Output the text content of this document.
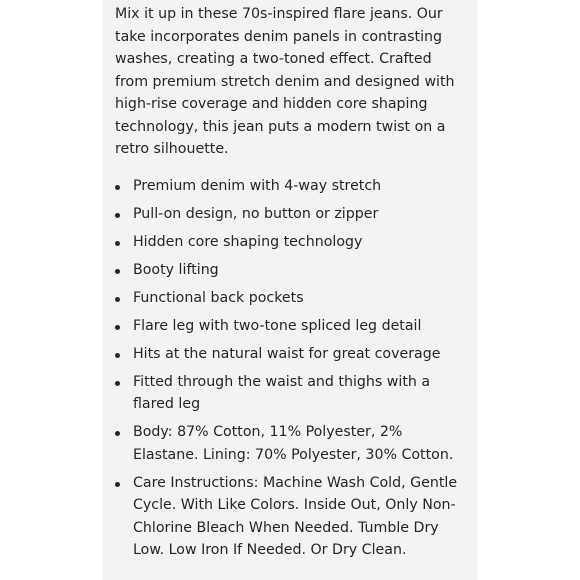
Mix it up in these 70s-inspired flare jeans. Our take incorporates denim panels in contrasting washes, creating a two-toned effect. Crafted from premium stretch denim and designed with high-rise coverage and hidden core shaping technology, this jean puts a modern twist on a retro silhouette.

Premium denim with 4-way stretch
Pull-on design, no button or zipper
Hidden core shaping technology
Booty lifting
Functional back pockets
Flare leg with two-tone spliced leg detail
Hits at the natural waist for great coverage
Fitted through the waist and thighs with a flared leg
Body: 87% Cotton, 11% Polyester, 2% Elastane. Lining: 70% Polyester, 30% Cotton.
Care Instructions: Machine Wash Cold, Gentle Cycle. With Like Colors. Inside Out, Only Non-Chlorine Bleach When Needed. Tumble Dry Low. Low Iron If Needed. Or Dry Clean.
